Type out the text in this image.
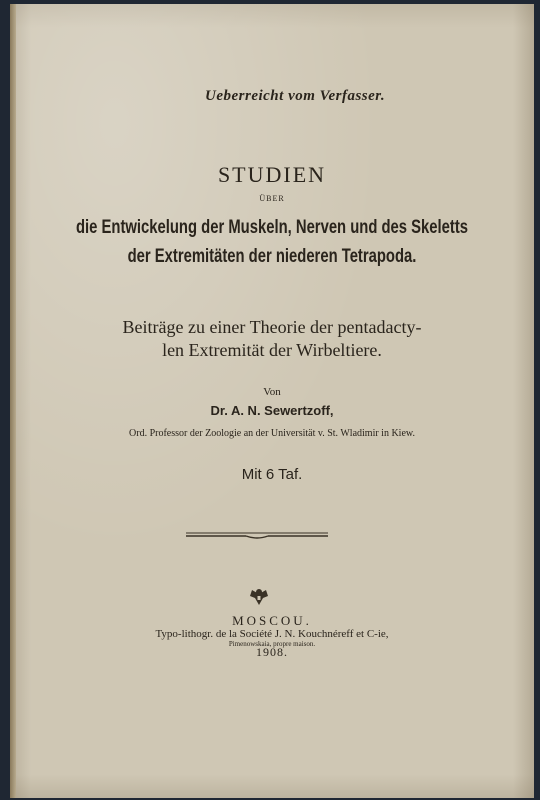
Ueberreicht vom Verfasser.
STUDIEN
ÜBER
die Entwickelung der Muskeln, Nerven und des Skeletts
der Extremitäten der niederen Tetrapoda.
Beiträge zu einer Theorie der pentadacty-
len Extremität der Wirbeltiere.
Von
Dr. A. N. Sewertzoff,
Ord. Professor der Zoologie an der Universität v. St. Wladimir in Kiew.
Mit 6 Taf.
MOSCOU.
Typo-lithogr. de la Société J. N. Kouchnéreff et C-ie,
Pimenowskaia, propre maison.
1908.
